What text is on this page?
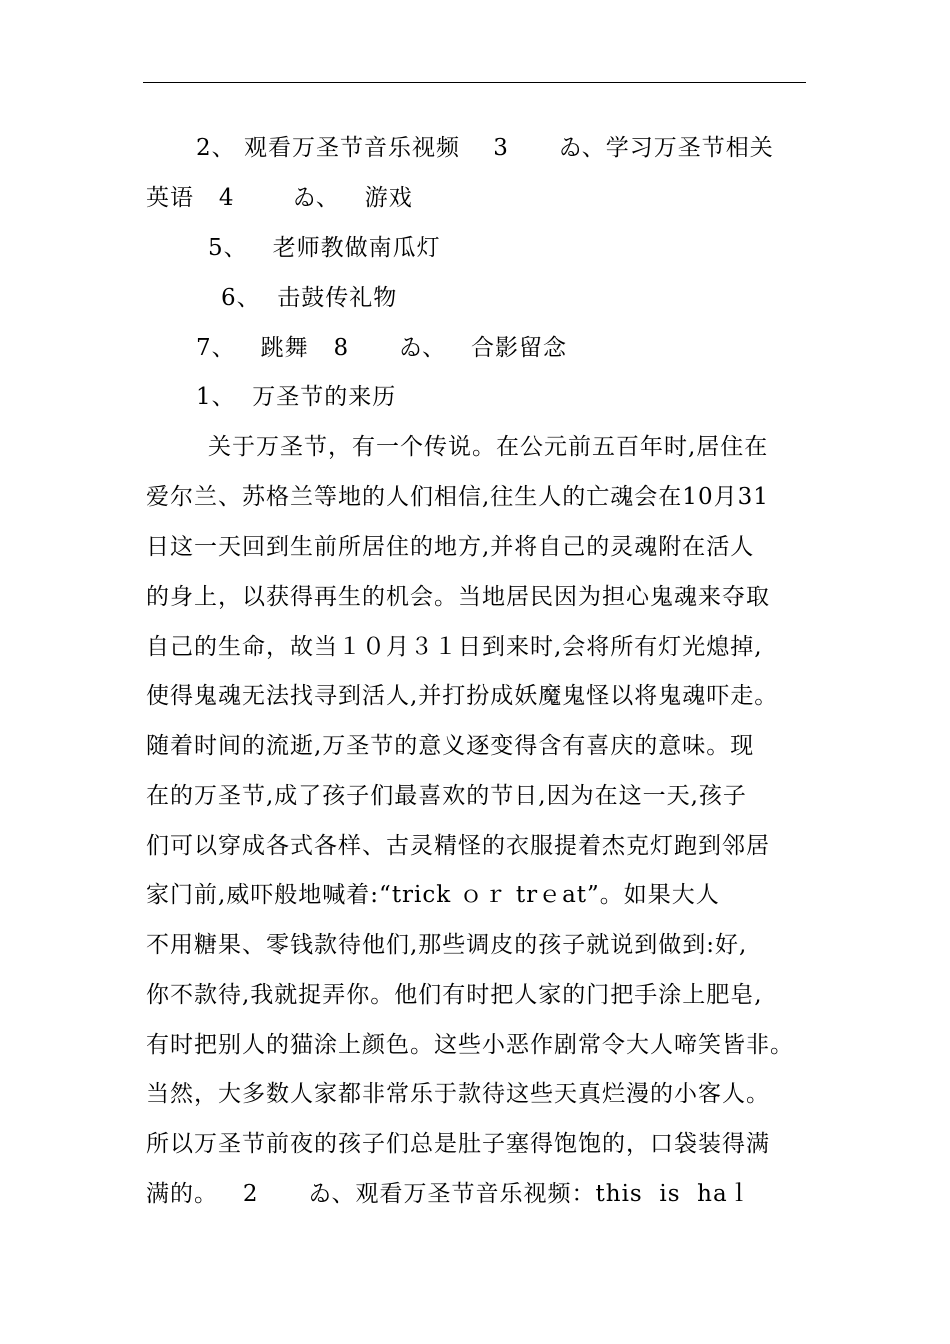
2、 观看万圣节音乐视频    3      ゐ、学习万圣节相关
英语   4       ゐ、   游戏
5、   老师教做南瓜灯
6、  击鼓传礼物
7、   跳舞   8      ゐ、   合影留念
1、  万圣节的来历
关于万圣节，有一个传说。在公元前五百年时,居住在
爱尔兰、苏格兰等地的人们相信,往生人的亡魂会在10月31
日这一天回到生前所居住的地方,并将自己的灵魂附在活人
的身上，以获得再生的机会。当地居民因为担心鬼魂来夺取
自己的生命，故当１０月３１日到来时,会将所有灯光熄掉,
使得鬼魂无法找寻到活人,并打扮成妖魔鬼怪以将鬼魂吓走。
随着时间的流逝,万圣节的意义逐变得含有喜庆的意味。现
在的万圣节,成了孩子们最喜欢的节日,因为在这一天,孩子
们可以穿成各式各样、古灵精怪的衣服提着杰克灯跑到邻居
家门前,威吓般地喊着:“trick ｏｒ trｅat”。如果大人
不用糖果、零钱款待他们,那些调皮的孩子就说到做到:好,
你不款待,我就捉弄你。他们有时把人家的门把手涂上肥皂,
有时把别人的猫涂上颜色。这些小恶作剧常令大人啼笑皆非。
当然，大多数人家都非常乐于款待这些天真烂漫的小客人。
所以万圣节前夜的孩子们总是肚子塞得饱饱的，口袋装得满
满的。   2      ゐ、观看万圣节音乐视频：this  is  haｌ
